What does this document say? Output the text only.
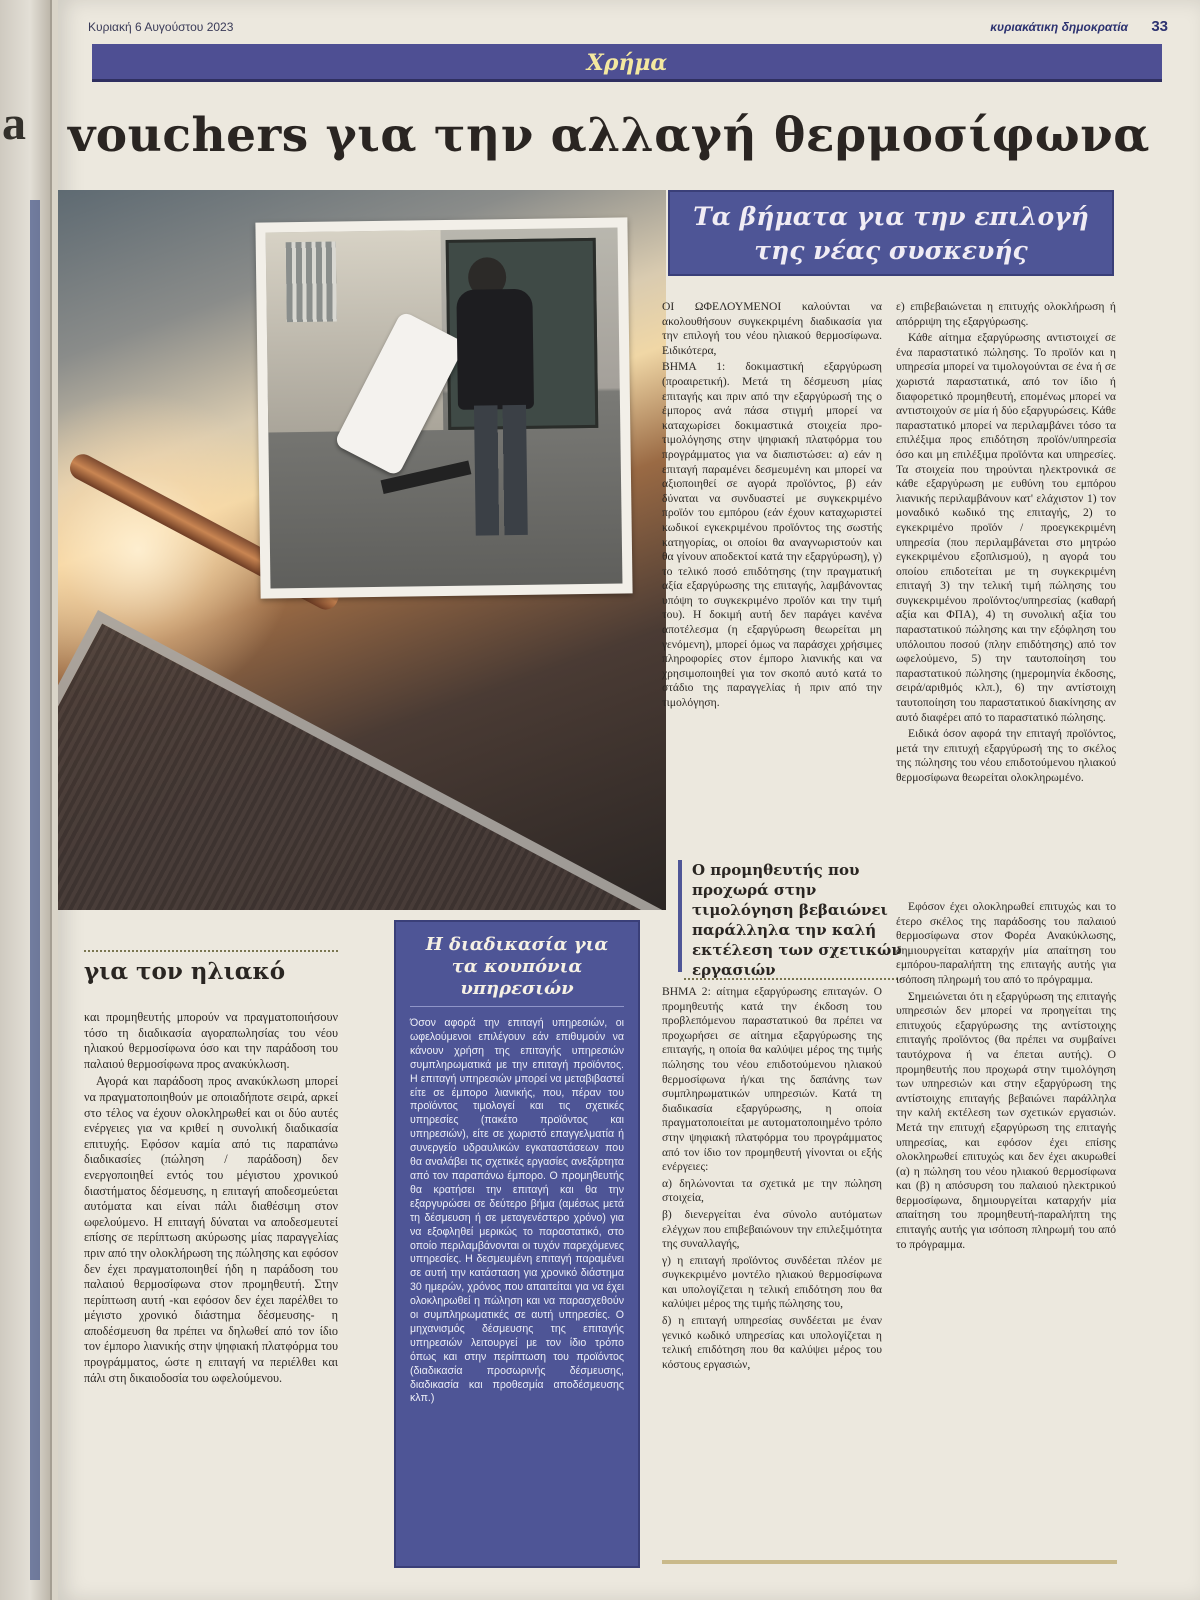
a
Κυριακή 6 Αυγούστου 2023	κυριακάτικη δημοκρατία 33
Χρήμα
vouchers για την αλλαγή θερμοσίφωνα
Τα βήματα για την επιλογή της νέας συσκευής

ΟΙ ΩΦΕΛΟΥΜΕΝΟΙ καλούνται να ακολουθήσουν συγκεκριμένη διαδικασία για την επιλογή του νέου ηλιακού θερμοσίφωνα. Ειδικότερα,

ΒΗΜΑ 1: δοκιμαστική εξαργύρωση (προαιρετική). Μετά τη δέσμευση μίας επιταγής και πριν από την εξαργύρωσή της ο έμπορος ανά πάσα στιγμή μπορεί να καταχωρίσει δοκιμαστικά στοιχεία προ-τιμολόγησης στην ψηφιακή πλατφόρμα του προγράμματος για να διαπιστώσει: α) εάν η επιταγή παραμένει δεσμευμένη και μπορεί να αξιοποιηθεί σε αγορά προϊόντος, β) εάν δύναται να συνδυαστεί με συγκεκριμένο προϊόν του εμπόρου (εάν έχουν καταχωριστεί κωδικοί εγκεκριμένου προϊόντος της σωστής κατηγορίας, οι οποίοι θα αναγνωριστούν και θα γίνουν αποδεκτοί κατά την εξαργύρωση), γ) το τελικό ποσό επιδότησης (την πραγματική αξία εξαργύρωσης της επιταγής, λαμβάνοντας υπόψη το συγκεκριμένο προϊόν και την τιμή του). Η δοκιμή αυτή δεν παράγει κανένα αποτέλεσμα (η εξαργύρωση θεωρείται μη γενόμενη), μπορεί όμως να παράσχει χρήσιμες πληροφορίες στον έμπορο λιανικής και να χρησιμοποιηθεί για τον σκοπό αυτό κατά το στάδιο της παραγγελίας ή πριν από την τιμολόγηση.

ε) επιβεβαιώνεται η επιτυχής ολοκλήρωση ή απόρριψη της εξαργύρωσης.

Κάθε αίτημα εξαργύρωσης αντιστοιχεί σε ένα παραστατικό πώλησης. Το προϊόν και η υπηρεσία μπορεί να τιμολογούνται σε ένα ή σε χωριστά παραστατικά, από τον ίδιο ή διαφορετικό προμηθευτή, επομένως μπορεί να αντιστοιχούν σε μία ή δύο εξαργυρώσεις. Κάθε παραστατικό μπορεί να περιλαμβάνει τόσο τα επιλέξιμα προς επιδότηση προϊόν/υπηρεσία όσο και μη επιλέξιμα προϊόντα και υπηρεσίες. Τα στοιχεία που τηρούνται ηλεκτρονικά σε κάθε εξαργύρωση με ευθύνη του εμπόρου λιανικής περιλαμβάνουν κατ' ελάχιστον 1) τον μοναδικό κωδικό της επιταγής, 2) το εγκεκριμένο προϊόν / προεγκεκριμένη υπηρεσία (που περιλαμβάνεται στο μητρώο εγκεκριμένου εξοπλισμού), η αγορά του οποίου επιδοτείται με τη συγκεκριμένη επιταγή 3) την τελική τιμή πώλησης του συγκεκριμένου προϊόντος/υπηρεσίας (καθαρή αξία και ΦΠΑ), 4) τη συνολική αξία του παραστατικού πώλησης και την εξόφληση του υπόλοιπου ποσού (πλην επιδότησης) από τον ωφελούμενο, 5) την ταυτοποίηση του παραστατικού πώλησης (ημερομηνία έκδοσης, σειρά/αριθμός κλπ.), 6) την αντίστοιχη ταυτοποίηση του παραστατικού διακίνησης αν αυτό διαφέρει από το παραστατικό πώλησης.

Ειδικά όσον αφορά την επιταγή προϊόντος, μετά την επιτυχή εξαργύρωσή της το σκέλος της πώλησης του νέου επιδοτούμενου ηλιακού θερμοσίφωνα θεωρείται ολοκληρωμένο.

Ο προμηθευτής που προχωρά στην τιμολόγηση βεβαιώνει παράλληλα την καλή εκτέλεση των σχετικών εργασιών

ΒΗΜΑ 2: αίτημα εξαργύρωσης επιταγών. Ο προμηθευτής κατά την έκδοση του προβλεπόμενου παραστατικού θα πρέπει να προχωρήσει σε αίτημα εξαργύρωσης της επιταγής, η οποία θα καλύψει μέρος της τιμής πώλησης του νέου επιδοτούμενου ηλιακού θερμοσίφωνα ή/και της δαπάνης των συμπληρωματικών υπηρεσιών. Κατά τη διαδικασία εξαργύρωσης, η οποία πραγματοποιείται με αυτοματοποιημένο τρόπο στην ψηφιακή πλατφόρμα του προγράμματος από τον ίδιο τον προμηθευτή γίνονται οι εξής ενέργειες:

α) δηλώνονται τα σχετικά με την πώληση στοιχεία,

β) διενεργείται ένα σύνολο αυτόματων ελέγχων που επιβεβαιώνουν την επιλεξιμότητα της συναλλαγής,

γ) η επιταγή προϊόντος συνδέεται πλέον με συγκεκριμένο μοντέλο ηλιακού θερμοσίφωνα και υπολογίζεται η τελική επιδότηση που θα καλύψει μέρος της τιμής πώλησης του,

δ) η επιταγή υπηρεσίας συνδέεται με έναν γενικό κωδικό υπηρεσίας και υπολογίζεται η τελική επιδότηση που θα καλύψει μέρος του κόστους εργασιών,

Εφόσον έχει ολοκληρωθεί επιτυχώς και το έτερο σκέλος της παράδοσης του παλαιού θερμοσίφωνα στον Φορέα Ανακύκλωσης, δημιουργείται καταρχήν μία απαίτηση του εμπόρου-παραλήπτη της επιταγής αυτής για ισόποση πληρωμή του από το πρόγραμμα.

Σημειώνεται ότι η εξαργύρωση της επιταγής υπηρεσιών δεν μπορεί να προηγείται της επιτυχούς εξαργύρωσης της αντίστοιχης επιταγής προϊόντος (θα πρέπει να συμβαίνει ταυτόχρονα ή να έπεται αυτής). Ο προμηθευτής που προχωρά στην τιμολόγηση των υπηρεσιών και στην εξαργύρωση της αντίστοιχης επιταγής βεβαιώνει παράλληλα την καλή εκτέλεση των σχετικών εργασιών. Μετά την επιτυχή εξαργύρωση της επιταγής υπηρεσίας, και εφόσον έχει επίσης ολοκληρωθεί επιτυχώς και δεν έχει ακυρωθεί (α) η πώληση του νέου ηλιακού θερμοσίφωνα και (β) η απόσυρση του παλαιού ηλεκτρικού θερμοσίφωνα, δημιουργείται καταρχήν μία απαίτηση του προμηθευτή-παραλήπτη της επιταγής αυτής για ισόποση πληρωμή του από το πρόγραμμα.

για τον ηλιακό

και προμηθευτής μπορούν να πραγματοποιήσουν τόσο τη διαδικασία αγοραπωλησίας του νέου ηλιακού θερμοσίφωνα όσο και την παράδοση του παλαιού θερμοσίφωνα προς ανακύκλωση.

Αγορά και παράδοση προς ανακύκλωση μπορεί να πραγματοποιηθούν με οποιαδήποτε σειρά, αρκεί στο τέλος να έχουν ολοκληρωθεί και οι δύο αυτές ενέργειες για να κριθεί η συνολική διαδικασία επιτυχής. Εφόσον καμία από τις παραπάνω διαδικασίες (πώληση / παράδοση) δεν ενεργοποιηθεί εντός του μέγιστου χρονικού διαστήματος δέσμευσης, η επιταγή αποδεσμεύεται αυτόματα και είναι πάλι διαθέσιμη στον ωφελούμενο. Η επιταγή δύναται να αποδεσμευτεί επίσης σε περίπτωση ακύρωσης μίας παραγγελίας πριν από την ολοκλήρωση της πώλησης και εφόσον δεν έχει πραγματοποιηθεί ήδη η παράδοση του παλαιού θερμοσίφωνα στον προμηθευτή. Στην περίπτωση αυτή -και εφόσον δεν έχει παρέλθει το μέγιστο χρονικό διάστημα δέσμευσης- η αποδέσμευση θα πρέπει να δηλωθεί από τον ίδιο τον έμπορο λιανικής στην ψηφιακή πλατφόρμα του προγράμματος, ώστε η επιταγή να περιέλθει και πάλι στη δικαιοδοσία του ωφελούμενου.

Η διαδικασία για τα κουπόνια υπηρεσιών
Όσον αφορά την επιταγή υπηρεσιών, οι ωφελούμενοι επιλέγουν εάν επιθυμούν να κάνουν χρήση της επιταγής υπηρεσιών συμπληρωματικά με την επιταγή προϊόντος. Η επιταγή υπηρεσιών μπορεί να μεταβιβαστεί είτε σε έμπορο λιανικής, που, πέραν του προϊόντος τιμολογεί και τις σχετικές υπηρεσίες (πακέτο προϊόντος και υπηρεσιών), είτε σε χωριστό επαγγελματία ή συνεργείο υδραυλικών εγκαταστάσεων που θα αναλάβει τις σχετικές εργασίες ανεξάρτητα από τον παραπάνω έμπορο. Ο προμηθευτής θα κρατήσει την επιταγή και θα την εξαργυρώσει σε δεύτερο βήμα (αμέσως μετά τη δέσμευση ή σε μεταγενέστερο χρόνο) για να εξοφληθεί μερικώς το παραστατικό, στο οποίο περιλαμβάνονται οι τυχόν παρεχόμενες υπηρεσίες. Η δεσμευμένη επιταγή παραμένει σε αυτή την κατάσταση για χρονικό διάστημα 30 ημερών, χρόνος που απαιτείται για να έχει ολοκληρωθεί η πώληση και να παρασχεθούν οι συμπληρωματικές σε αυτή υπηρεσίες. Ο μηχανισμός δέσμευσης της επιταγής υπηρεσιών λειτουργεί με τον ίδιο τρόπο όπως και στην περίπτωση του προϊόντος (διαδικασία προσωρινής δέσμευσης, διαδικασία και προθεσμία αποδέσμευσης κλπ.)
